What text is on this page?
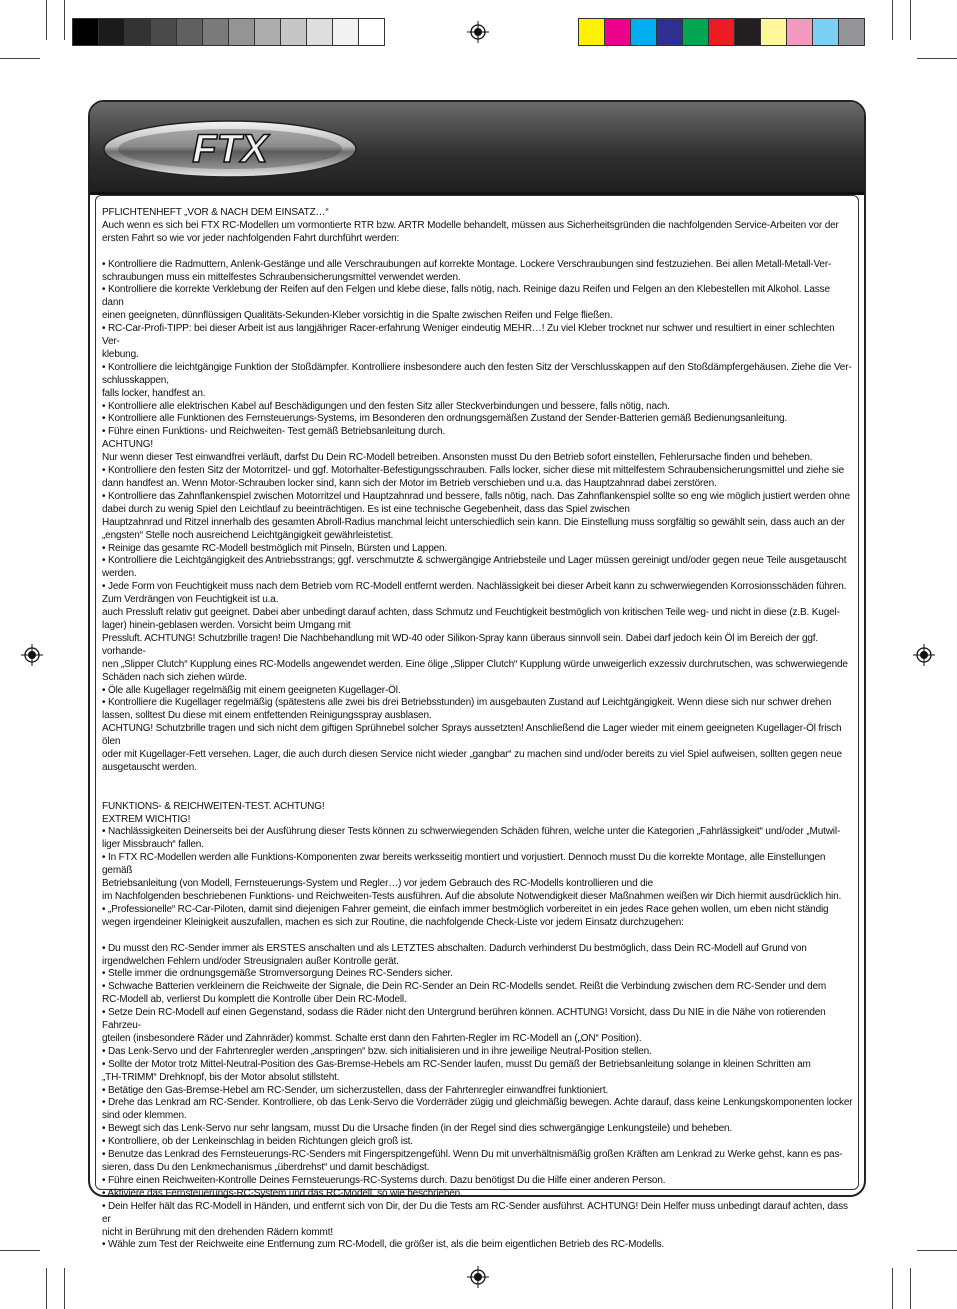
FTX

PFLICHTENHEFT „VOR & NACH DEM EINSATZ…“

Auch wenn es sich bei FTX RC-Modellen um vormontierte RTR bzw. ARTR Modelle behandelt, müssen aus Sicherheitsgründen die nachfolgenden Service-Arbeiten vor der

ersten Fahrt so wie vor jeder nachfolgenden Fahrt durchführt werden:

• Kontrolliere die Radmuttern, Anlenk-Gestänge und alle Verschraubungen auf korrekte Montage. Lockere Verschraubungen sind festzuziehen. Bei allen Metall-Metall-Ver-

schraubungen muss ein mittelfestes Schraubensicherungsmittel verwendet werden.

• Kontrolliere die korrekte Verklebung der Reifen auf den Felgen und klebe diese, falls nötig, nach. Reinige dazu Reifen und Felgen an den Klebestellen mit Alkohol. Lasse dann

einen geeigneten, dünnflüssigen Qualitäts-Sekunden-Kleber vorsichtig in die Spalte zwischen Reifen und Felge fließen.

• RC-Car-Profi-TIPP: bei dieser Arbeit ist aus langjähriger Racer-erfahrung Weniger eindeutig MEHR…! Zu viel Kleber trocknet nur schwer und resultiert in einer schlechten Ver-

klebung.

• Kontrolliere die leichtgängige Funktion der Stoßdämpfer. Kontrolliere insbesondere auch den festen Sitz der Verschlusskappen auf den Stoßdämpfergehäusen. Ziehe die Ver-

schlusskappen,

falls locker, handfest an.

• Kontrolliere alle elektrischen Kabel auf Beschädigungen und den festen Sitz aller Steckverbindungen und bessere, falls nötig, nach.

• Kontrolliere alle Funktionen des Fernsteuerungs-Systems, im Besonderen den ordnungsgemäßen Zustand der Sender-Batterien gemäß Bedienungsanleitung.

• Führe einen Funktions- und Reichweiten- Test gemäß Betriebsanleitung durch.

ACHTUNG!

Nur wenn dieser Test einwandfrei verläuft, darfst Du Dein RC-Modell betreiben. Ansonsten musst Du den Betrieb sofort einstellen, Fehlerursache finden und beheben.

• Kontrolliere den festen Sitz der Motorritzel- und ggf. Motorhalter-Befestigungsschrauben. Falls locker, sicher diese mit mittelfestem Schraubensicherungsmittel und ziehe sie

dann handfest an. Wenn Motor-Schrauben locker sind, kann sich der Motor im Betrieb verschieben und u.a. das Hauptzahnrad dabei zerstören.

• Kontrolliere das Zahnflankenspiel zwischen Motorritzel und Hauptzahnrad und bessere, falls nötig, nach. Das Zahnflankenspiel sollte so eng wie möglich justiert werden ohne

dabei durch zu wenig Spiel den Leichtlauf zu beeinträchtigen. Es ist eine technische Gegebenheit, dass das Spiel zwischen

Hauptzahnrad und Ritzel innerhalb des gesamten Abroll-Radius manchmal leicht unterschiedlich sein kann. Die Einstellung muss sorgfältig so gewählt sein, dass auch an der

„engsten“ Stelle noch ausreichend Leichtgängigkeit gewährleistetist.

• Reinige das gesamte RC-Modell bestmöglich mit Pinseln, Bürsten und Lappen.

• Kontrolliere die Leichtgängigkeit des Antriebsstrangs; ggf. verschmutzte & schwergängige Antriebsteile und Lager müssen gereinigt und/oder gegen neue Teile ausgetauscht

werden.

• Jede Form von Feuchtigkeit muss nach dem Betrieb vom RC-Modell entfernt werden. Nachlässigkeit bei dieser Arbeit kann zu schwerwiegenden Korrosionsschäden führen.

Zum Verdrängen von Feuchtigkeit ist u.a.

auch Pressluft relativ gut geeignet. Dabei aber unbedingt darauf achten, dass Schmutz und Feuchtigkeit bestmöglich von kritischen Teile weg- und nicht in diese (z.B. Kugel-

lager) hinein-geblasen werden. Vorsicht beim Umgang mit

Pressluft. ACHTUNG! Schutzbrille tragen! Die Nachbehandlung mit WD-40 oder Silikon-Spray kann überaus sinnvoll sein. Dabei darf jedoch kein Öl im Bereich der ggf. vorhande-

nen „Slipper Clutch“ Kupplung eines RC-Modells angewendet werden. Eine ölige „Slipper Clutch“ Kupplung würde unweigerlich exzessiv durchrutschen, was schwerwiegende

Schäden nach sich ziehen würde.

• Öle alle Kugellager regelmäßig mit einem geeigneten Kugellager-Öl.

• Kontrolliere die Kugellager regelmäßig (spätestens alle zwei bis drei Betriebsstunden) im ausgebauten Zustand auf Leichtgängigkeit. Wenn diese sich nur schwer drehen

lassen, solltest Du diese mit einem entfettenden Reinigungsspray ausblasen.

ACHTUNG! Schutzbrille tragen und sich nicht dem giftigen Sprühnebel solcher Sprays aussetzten! Anschließend die Lager wieder mit einem geeigneten Kugellager-Öl frisch ölen

oder mit Kugellager-Fett versehen. Lager, die auch durch diesen Service nicht wieder „gangbar“ zu machen sind und/oder bereits zu viel Spiel aufweisen, sollten gegen neue

ausgetauscht werden.

FUNKTIONS- & REICHWEITEN-TEST. ACHTUNG!

EXTREM WICHTIG!

• Nachlässigkeiten Deinerseits bei der Ausführung dieser Tests können zu schwerwiegenden Schäden führen, welche unter die Kategorien „Fahrlässigkeit“ und/oder „Mutwil-

liger Missbrauch“ fallen.

• In FTX RC-Modellen werden alle Funktions-Komponenten zwar bereits werksseitig montiert und vorjustiert. Dennoch musst Du die korrekte Montage, alle Einstellungen gemäß

Betriebsanleitung (von Modell, Fernsteuerungs-System und Regler…) vor jedem Gebrauch des RC-Modells kontrollieren und die

im Nachfolgenden beschriebenen Funktions- und Reichweiten-Tests ausführen. Auf die absolute Notwendigkeit dieser Maßnahmen weißen wir Dich hiermit ausdrücklich hin.

• „Professionelle“ RC-Car-Piloten, damit sind diejenigen Fahrer gemeint, die einfach immer bestmöglich vorbereitet in ein jedes Race gehen wollen, um eben nicht ständig

wegen irgendeiner Kleinigkeit auszufallen, machen es sich zur Routine, die nachfolgende Check-Liste vor jedem Einsatz durchzugehen:

• Du musst den RC-Sender immer als ERSTES anschalten und als LETZTES abschalten. Dadurch verhinderst Du bestmöglich, dass Dein RC-Modell auf Grund von

irgendwelchen Fehlern und/oder Streusignalen außer Kontrolle gerät.

• Stelle immer die ordnungsgemäße Stromversorgung Deines RC-Senders sicher.

• Schwache Batterien verkleinern die Reichweite der Signale, die Dein RC-Sender an Dein RC-Modells sendet. Reißt die Verbindung zwischen dem RC-Sender und dem

RC-Modell ab, verlierst Du komplett die Kontrolle über Dein RC-Modell.

• Setze Dein RC-Modell auf einen Gegenstand, sodass die Räder nicht den Untergrund berühren können. ACHTUNG! Vorsicht, dass Du NIE in die Nähe von rotierenden Fahrzeu-

gteilen (insbesondere Räder und Zahnräder) kommst. Schalte erst dann den Fahrten-Regler im RC-Modell an („ON“ Position).

• Das Lenk-Servo und der Fahrtenregler werden „anspringen“ bzw. sich initialisieren und in ihre jeweilige Neutral-Position stellen.

• Sollte der Motor trotz Mittel-Neutral-Position des Gas-Bremse-Hebels am RC-Sender laufen, musst Du gemäß der Betriebsanleitung solange in kleinen Schritten am

„TH-TRIMM“ Drehknopf, bis der Motor absolut stillsteht.

• Betätige den Gas-Bremse-Hebel am RC-Sender, um sicherzustellen, dass der Fahrtenregler einwandfrei funktioniert.

• Drehe das Lenkrad am RC-Sender. Kontrolliere, ob das Lenk-Servo die Vorderräder zügig und gleichmäßig bewegen. Achte darauf, dass keine Lenkungskomponenten locker

sind oder klemmen.

• Bewegt sich das Lenk-Servo nur sehr langsam, musst Du die Ursache finden (in der Regel sind dies schwergängige Lenkungsteile) und beheben.

• Kontrolliere, ob der Lenkeinschlag in beiden Richtungen gleich groß ist.

• Benutze das Lenkrad des Fernsteuerungs-RC-Senders mit Fingerspitzengefühl. Wenn Du mit unverhältnismäßig großen Kräften am Lenkrad zu Werke gehst, kann es pas-

sieren, dass Du den Lenkmechanismus „überdrehst“ und damit beschädigst.

• Führe einen Reichweiten-Kontrolle Deines Fernsteuerungs-RC-Systems durch. Dazu benötigst Du die Hilfe einer anderen Person.

• Aktiviere das Fernsteuerungs-RC-System und das RC-Modell, so wie beschrieben.

• Dein Helfer hält das RC-Modell in Händen, und entfernt sich von Dir, der Du die Tests am RC-Sender ausführst. ACHTUNG! Dein Helfer muss unbedingt darauf achten, dass er

nicht in Berührung mit den drehenden Rädern kommt!

• Wähle zum Test der Reichweite eine Entfernung zum RC-Modell, die größer ist, als die beim eigentlichen Betrieb des RC-Modells.
